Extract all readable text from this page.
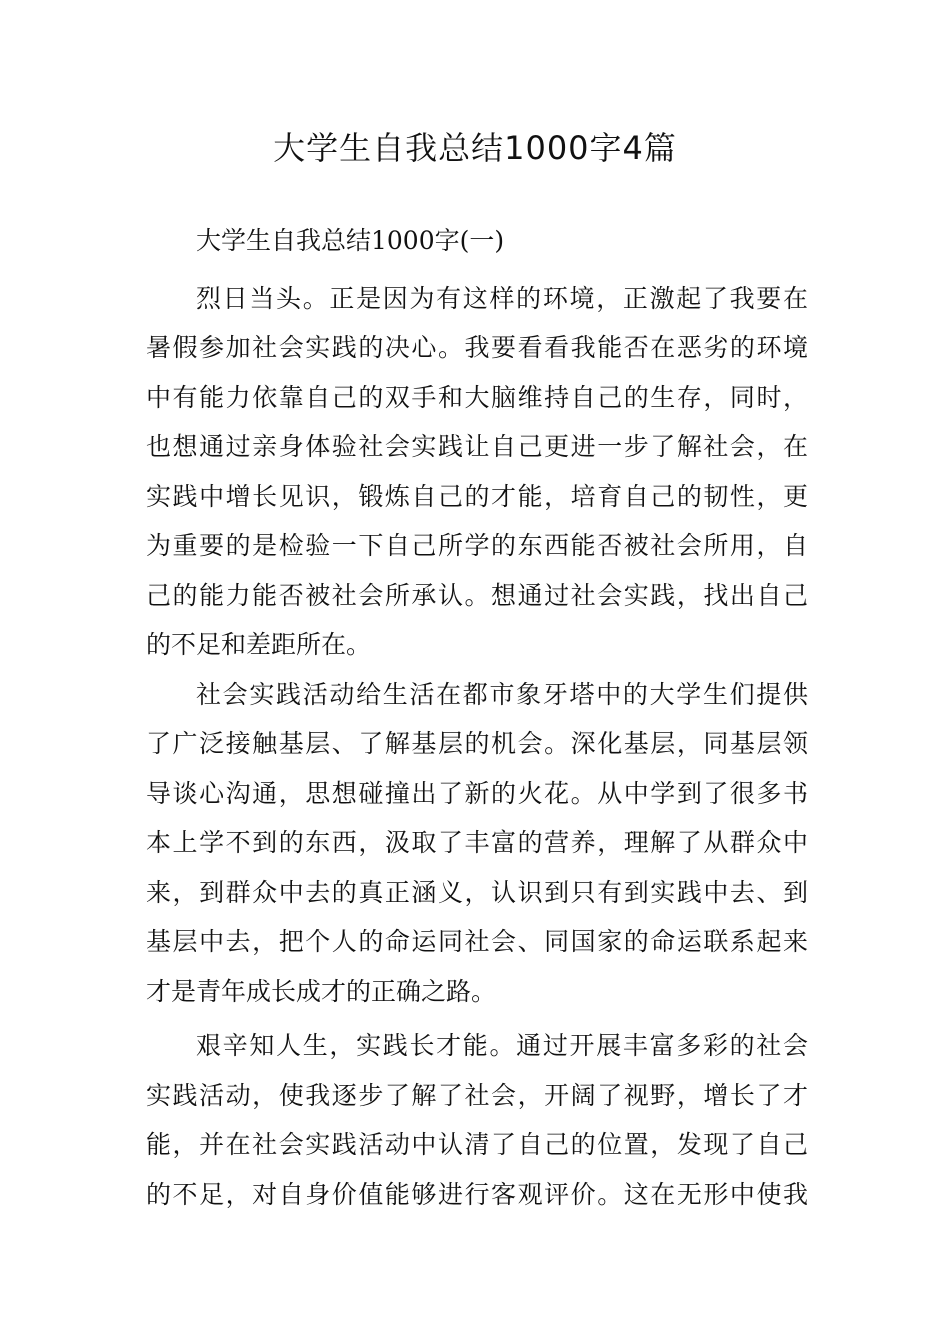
大学生自我总结1000字4篇
大学生自我总结1000字(一)
烈日当头。正是因为有这样的环境，正激起了我要在
暑假参加社会实践的决心。我要看看我能否在恶劣的环境
中有能力依靠自己的双手和大脑维持自己的生存，同时，
也想通过亲身体验社会实践让自己更进一步了解社会，在
实践中增长见识，锻炼自己的才能，培育自己的韧性，更
为重要的是检验一下自己所学的东西能否被社会所用，自
己的能力能否被社会所承认。想通过社会实践，找出自己
的不足和差距所在。
社会实践活动给生活在都市象牙塔中的大学生们提供
了广泛接触基层、了解基层的机会。深化基层，同基层领
导谈心沟通，思想碰撞出了新的火花。从中学到了很多书
本上学不到的东西，汲取了丰富的营养，理解了从群众中
来，到群众中去的真正涵义，认识到只有到实践中去、到
基层中去，把个人的命运同社会、同国家的命运联系起来
才是青年成长成才的正确之路。
艰辛知人生，实践长才能。通过开展丰富多彩的社会
实践活动，使我逐步了解了社会，开阔了视野，增长了才
能，并在社会实践活动中认清了自己的位置，发现了自己
的不足，对自身价值能够进行客观评价。这在无形中使我
